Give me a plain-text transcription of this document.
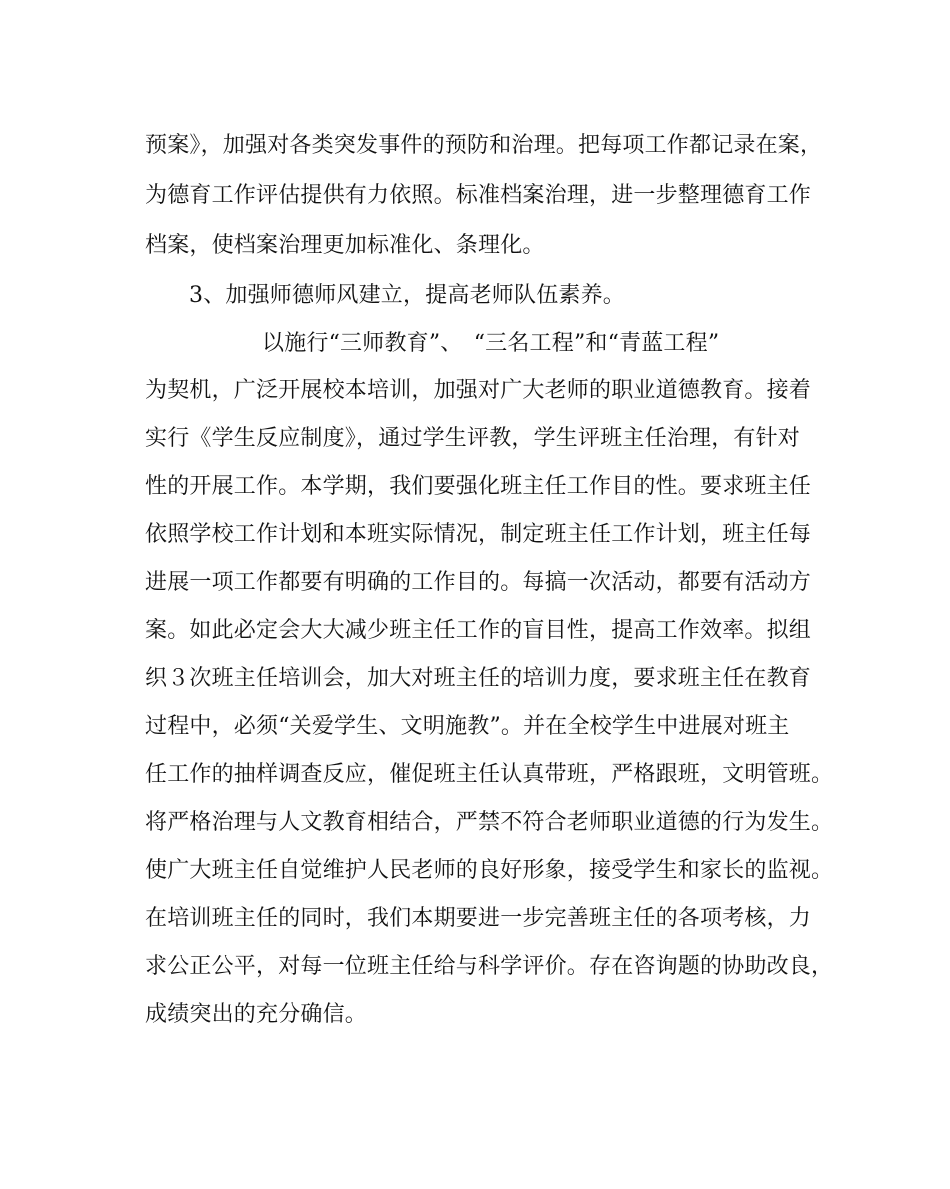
预案》，加强对各类突发事件的预防和治理。把每项工作都记录在案，
为德育工作评估提供有力依照。标准档案治理，进一步整理德育工作
档案，使档案治理更加标准化、条理化。
3、加强师德师风建立，提高老师队伍素养。
以施行“三师教育”、　“三名工程”和“青蓝工程”
为契机，广泛开展校本培训，加强对广大老师的职业道德教育。接着
实行《学生反应制度》，通过学生评教，学生评班主任治理，有针对
性的开展工作。本学期，我们要强化班主任工作目的性。要求班主任
依照学校工作计划和本班实际情况，制定班主任工作计划，班主任每
进展一项工作都要有明确的工作目的。每搞一次活动，都要有活动方
案。如此必定会大大减少班主任工作的盲目性，提高工作效率。拟组
织３次班主任培训会，加大对班主任的培训力度，要求班主任在教育
过程中，必须“关爱学生、文明施教”。并在全校学生中进展对班主
任工作的抽样调查反应，催促班主任认真带班，严格跟班，文明管班。
将严格治理与人文教育相结合，严禁不符合老师职业道德的行为发生。
使广大班主任自觉维护人民老师的良好形象，接受学生和家长的监视。
在培训班主任的同时，我们本期要进一步完善班主任的各项考核，力
求公正公平，对每一位班主任给与科学评价。存在咨询题的协助改良，
成绩突出的充分确信。
